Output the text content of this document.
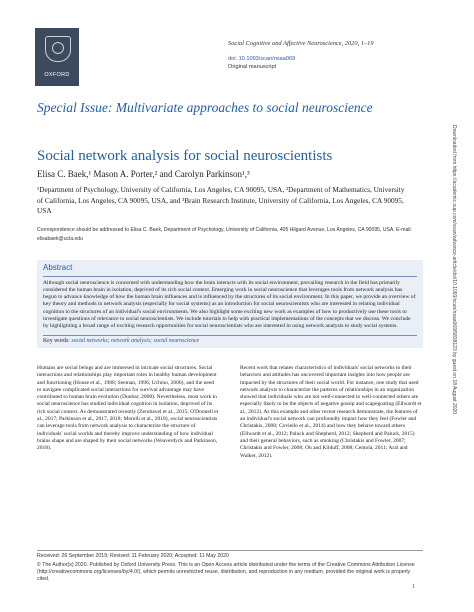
OXFORD
Social Cognitive and Affective Neuroscience, 2020, 1–19
doi: 10.1093/scan/nsaa069
Original manuscript
Special Issue: Multivariate approaches to social neuroscience
Social network analysis for social neuroscientists
Elisa C. Baek,¹ Mason A. Porter,² and Carolyn Parkinson¹,³
¹Department of Psychology, University of California, Los Angeles, CA 90095, USA, ²Department of Mathematics, University of California, Los Angeles, CA 90095, USA, and ³Brain Research Institute, University of California, Los Angeles, CA 90095, USA
Correspondence should be addressed to Elisa C. Baek, Department of Psychology, University of California, 405 Hilgard Avenue, Los Angeles, CA 90095, USA. E-mail: elisabaek@ucla.edu
Abstract
Although social neuroscience is concerned with understanding how the brain interacts with its social environment, prevailing research in the field has primarily considered the human brain in isolation, deprived of its rich social context. Emerging work in social neuroscience that leverages tools from network analysis has begun to advance knowledge of how the human brain influences and is influenced by the structures of its social environment. In this paper, we provide an overview of key theory and methods in network analysis (especially for social systems) as an introduction for social neuroscientists who are interested in relating individual cognition to the structures of an individual's social environments. We also highlight some exciting new work as examples of how to productively use these tools to investigate questions of relevance to social neuroscientists. We include tutorials to help with practical implementations of the concepts that we discuss. We conclude by highlighting a broad range of exciting research opportunities for social neuroscientists who are interested in using network analysis to study social systems.
Key words: social networks; network analysis; social neuroscience
Humans are social beings and are immersed in intricate social structures. Social interactions and relationships play important roles in healthy human development and functioning (House et al., 1988; Seeman, 1996; Uchino, 2006), and the need to navigate complicated social interactions for survival advantage may have contributed to human brain evolution (Dunbar, 2008). Nevertheless, most work in social neuroscience has studied individual cognition in isolation, deprived of its rich social context. As demonstrated recently (Zerubavel et al., 2015; O'Donnell et al., 2017; Parkinson et al., 2017, 2018; Morelli et al., 2018), social neuroscientists can leverage tools from network analysis to characterize the structure of individuals' social worlds and thereby improve understanding of how individual brains shape and are shaped by their social networks (Weaverdyck and Parkinson, 2018).
Recent work that relates characteristics of individuals' social networks to their behaviors and attitudes has uncovered important insights into how people are impacted by the structures of their social world. For instance, one study that used network analysis to characterize the patterns of relationships in an organization showed that individuals who are not well-connected to well-connected others are especially likely to be the objects of negative gossip and scapegoating (Ellwardt et al., 2012). As this example and other recent research demonstrate, the features of an individual's social network can profoundly impact how they feel (Fowler and Christakis, 2008; Coviello et al., 2014) and how they behave toward others (Ellwardt et al., 2012; Paluck and Shepherd, 2012; Shepherd and Paluck, 2015) and their general behaviors, such as smoking (Christakis and Fowler, 2007; Christakis and Fowler, 2008; Oh and Kilduff, 2008; Centola, 2011; Aral and Walker, 2012).
Received: 26 September 2019; Revised: 11 February 2020; Accepted: 11 May 2020
© The Author(s) 2020. Published by Oxford University Press. This is an Open Access article distributed under the terms of the Creative Commons Attribution License (http://creativecommons.org/licenses/by/4.0/), which permits unrestricted reuse, distribution, and reproduction in any medium, provided the original work is properly cited.
1
Downloaded from https://academic.oup.com/scan/advance-article/doi/10.1093/scan/nsaa069/5838123 by guest on 18 August 2020
